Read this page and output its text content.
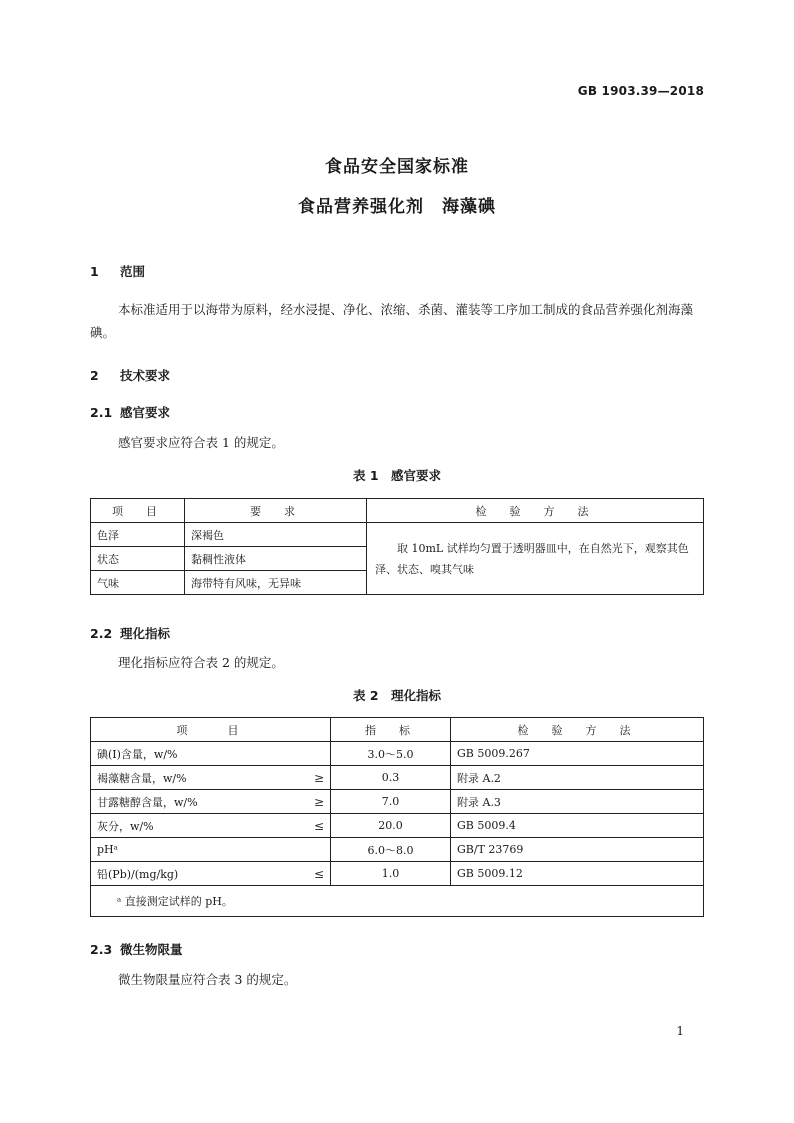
GB 1903.39—2018
食品安全国家标准
食品营养强化剂　海藻碘
1 范围
本标准适用于以海带为原料，经水浸提、净化、浓缩、杀菌、灌装等工序加工制成的食品营养强化剂海藻碘。
2 技术要求
2.1 感官要求
感官要求应符合表 1 的规定。
表 1　感官要求
项　目	要　求	检　验　方　法
色泽	深褐色	取 10mL 试样均匀置于透明器皿中，在自然光下，观察其色泽、状态、嗅其气味
状态	黏稠性液体	
气味	海带特有风味，无异味	
2.2 理化指标
理化指标应符合表 2 的规定。
表 2　理化指标
项　　目	指　标	检　验　方　法

碘(I)含量，w/%	3.0～5.0	GB 5009.267

褐藻糖含量，w/% ≥	0.3	附录 A.2

甘露糖醇含量，w/% ≥	7.0	附录 A.3

灰分，w/% ≤	20.0	GB 5009.4

pHᵃ	6.0～8.0	GB/T 23769

铅(Pb)/(mg/kg) ≤	1.0	GB 5009.12
ᵃ 直接测定试样的 pH。		
2.3 微生物限量
微生物限量应符合表 3 的规定。
1
